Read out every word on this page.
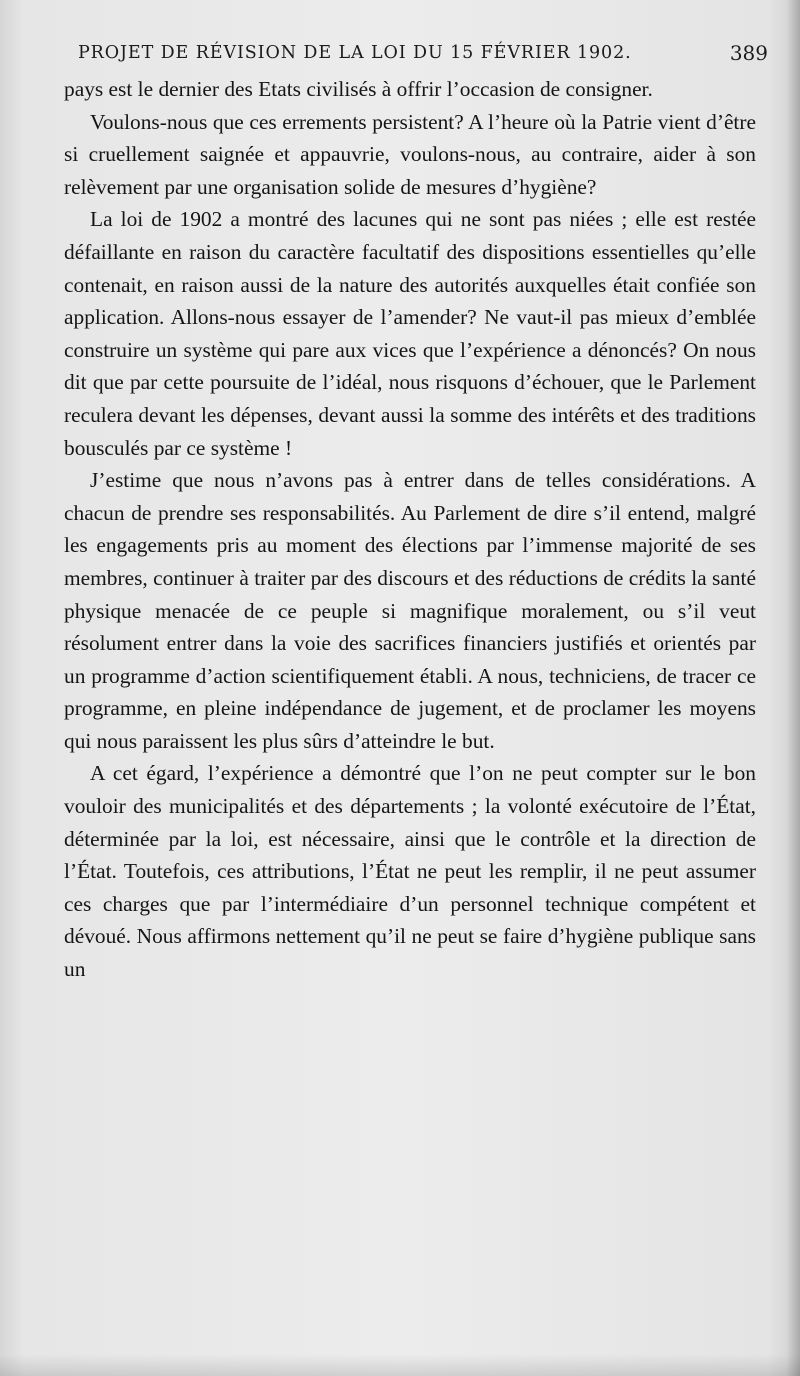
PROJET DE RÉVISION DE LA LOI DU 15 FÉVRIER 1902.	389

pays est le dernier des Etats civilisés à offrir l’occasion de consigner.

Voulons-nous que ces errements persistent? A l’heure où la Patrie vient d’être si cruellement saignée et appauvrie, voulons-nous, au contraire, aider à son relèvement par une organisation solide de mesures d’hygiène?

La loi de 1902 a montré des lacunes qui ne sont pas niées ; elle est restée défaillante en raison du caractère facultatif des dispositions essentielles qu’elle contenait, en raison aussi de la nature des autorités auxquelles était confiée son application. Allons-nous essayer de l’amender? Ne vaut-il pas mieux d’emblée construire un système qui pare aux vices que l’expérience a dénoncés? On nous dit que par cette poursuite de l’idéal, nous risquons d’échouer, que le Parlement reculera devant les dépenses, devant aussi la somme des intérêts et des traditions bousculés par ce système !

J’estime que nous n’avons pas à entrer dans de telles considérations. A chacun de prendre ses responsabilités. Au Parlement de dire s’il entend, malgré les engagements pris au moment des élections par l’immense majorité de ses membres, continuer à traiter par des discours et des réductions de crédits la santé physique menacée de ce peuple si magnifique moralement, ou s’il veut résolument entrer dans la voie des sacrifices financiers justifiés et orientés par un programme d’action scientifiquement établi. A nous, techniciens, de tracer ce programme, en pleine indépendance de jugement, et de proclamer les moyens qui nous paraissent les plus sûrs d’atteindre le but.

A cet égard, l’expérience a démontré que l’on ne peut compter sur le bon vouloir des municipalités et des départements ; la volonté exécutoire de l’État, déterminée par la loi, est nécessaire, ainsi que le contrôle et la direction de l’État. Toutefois, ces attributions, l’État ne peut les remplir, il ne peut assumer ces charges que par l’intermédiaire d’un personnel technique compétent et dévoué. Nous affirmons nettement qu’il ne peut se faire d’hygiène publique sans un
